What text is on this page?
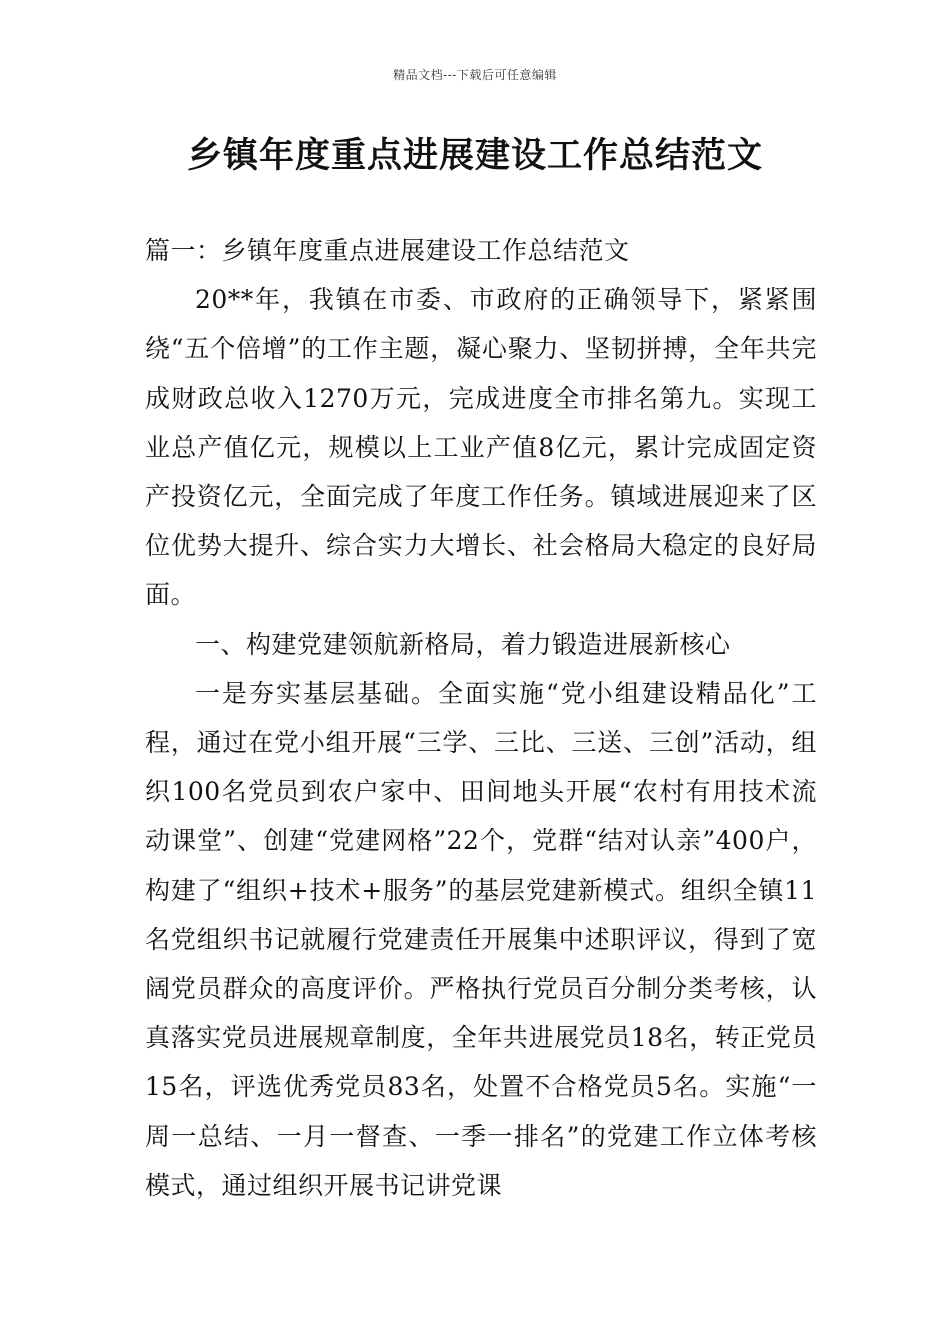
精品文档---下载后可任意编辑
乡镇年度重点进展建设工作总结范文

篇一：乡镇年度重点进展建设工作总结范文

20**年，我镇在市委、市政府的正确领导下，紧紧围绕“五个倍增”的工作主题，凝心聚力、坚韧拼搏，全年共完成财政总收入1270万元，完成进度全市排名第九。实现工业总产值亿元，规模以上工业产值8亿元，累计完成固定资产投资亿元，全面完成了年度工作任务。镇域进展迎来了区位优势大提升、综合实力大增长、社会格局大稳定的良好局面。

一、构建党建领航新格局，着力锻造进展新核心

一是夯实基层基础。全面实施“党小组建设精品化”工程，通过在党小组开展“三学、三比、三送、三创”活动，组织100名党员到农户家中、田间地头开展“农村有用技术流动课堂”、创建“党建网格”22个，党群“结对认亲”400户，构建了“组织+技术+服务”的基层党建新模式。组织全镇11名党组织书记就履行党建责任开展集中述职评议，得到了宽阔党员群众的高度评价。严格执行党员百分制分类考核，认真落实党员进展规章制度，全年共进展党员18名，转正党员15名，评选优秀党员83名，处置不合格党员5名。实施“一周一总结、一月一督查、一季一排名”的党建工作立体考核模式，通过组织开展书记讲党课
